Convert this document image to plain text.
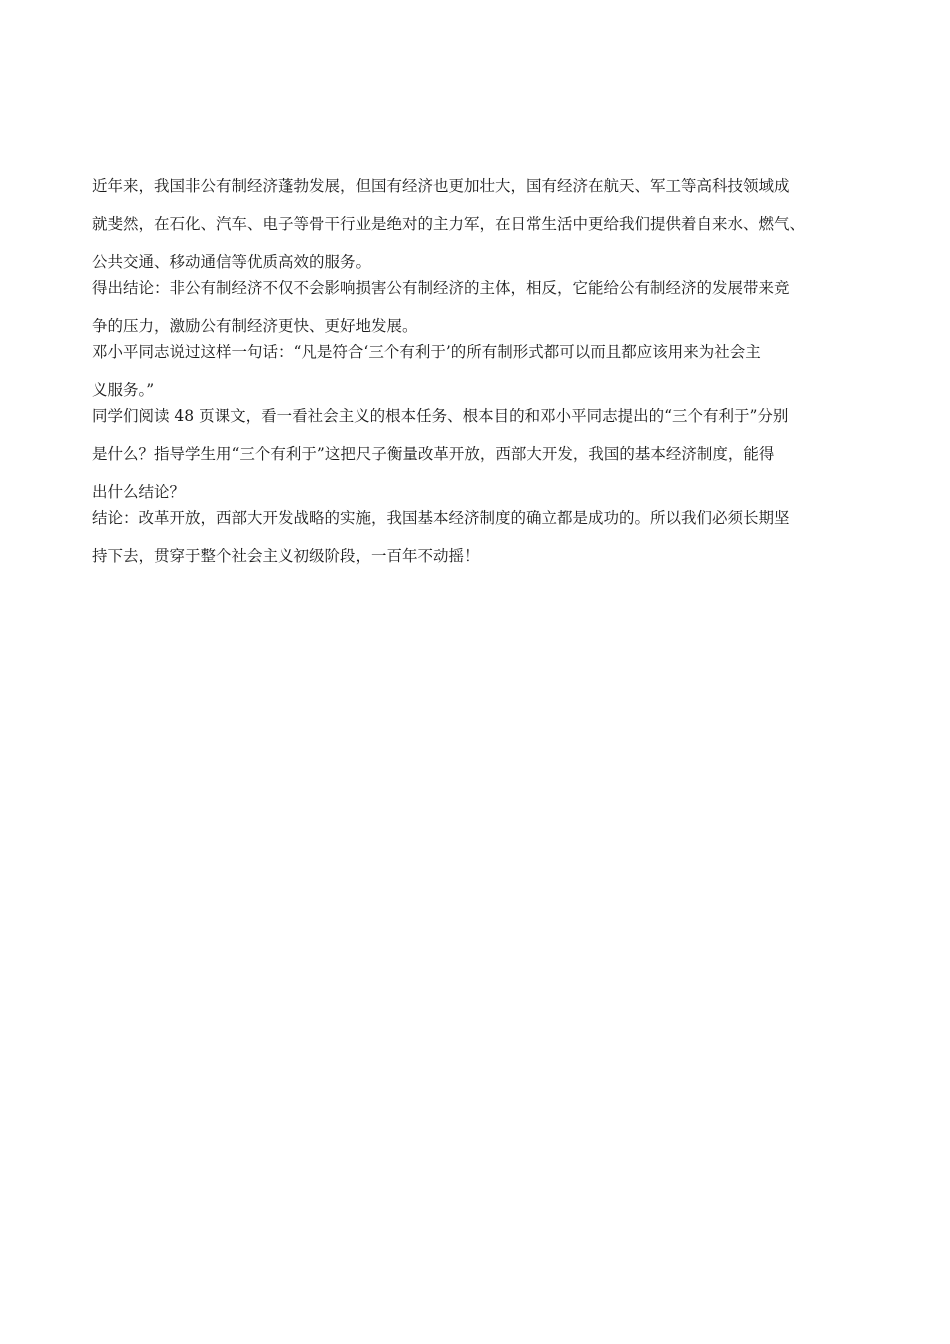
近年来，我国非公有制经济蓬勃发展，但国有经济也更加壮大，国有经济在航天、军工等高科技领域成
就斐然，在石化、汽车、电子等骨干行业是绝对的主力军，在日常生活中更给我们提供着自来水、燃气、
公共交通、移动通信等优质高效的服务。
得出结论：非公有制经济不仅不会影响损害公有制经济的主体，相反，它能给公有制经济的发展带来竞
争的压力，激励公有制经济更快、更好地发展。
邓小平同志说过这样一句话：“凡是符合‘三个有利于’的所有制形式都可以而且都应该用来为社会主
义服务。”
同学们阅读 48 页课文，看一看社会主义的根本任务、根本目的和邓小平同志提出的“三个有利于”分别
是什么？指导学生用“三个有利于”这把尺子衡量改革开放，西部大开发，我国的基本经济制度，能得
出什么结论？
结论：改革开放，西部大开发战略的实施，我国基本经济制度的确立都是成功的。所以我们必须长期坚
持下去，贯穿于整个社会主义初级阶段，一百年不动摇！
